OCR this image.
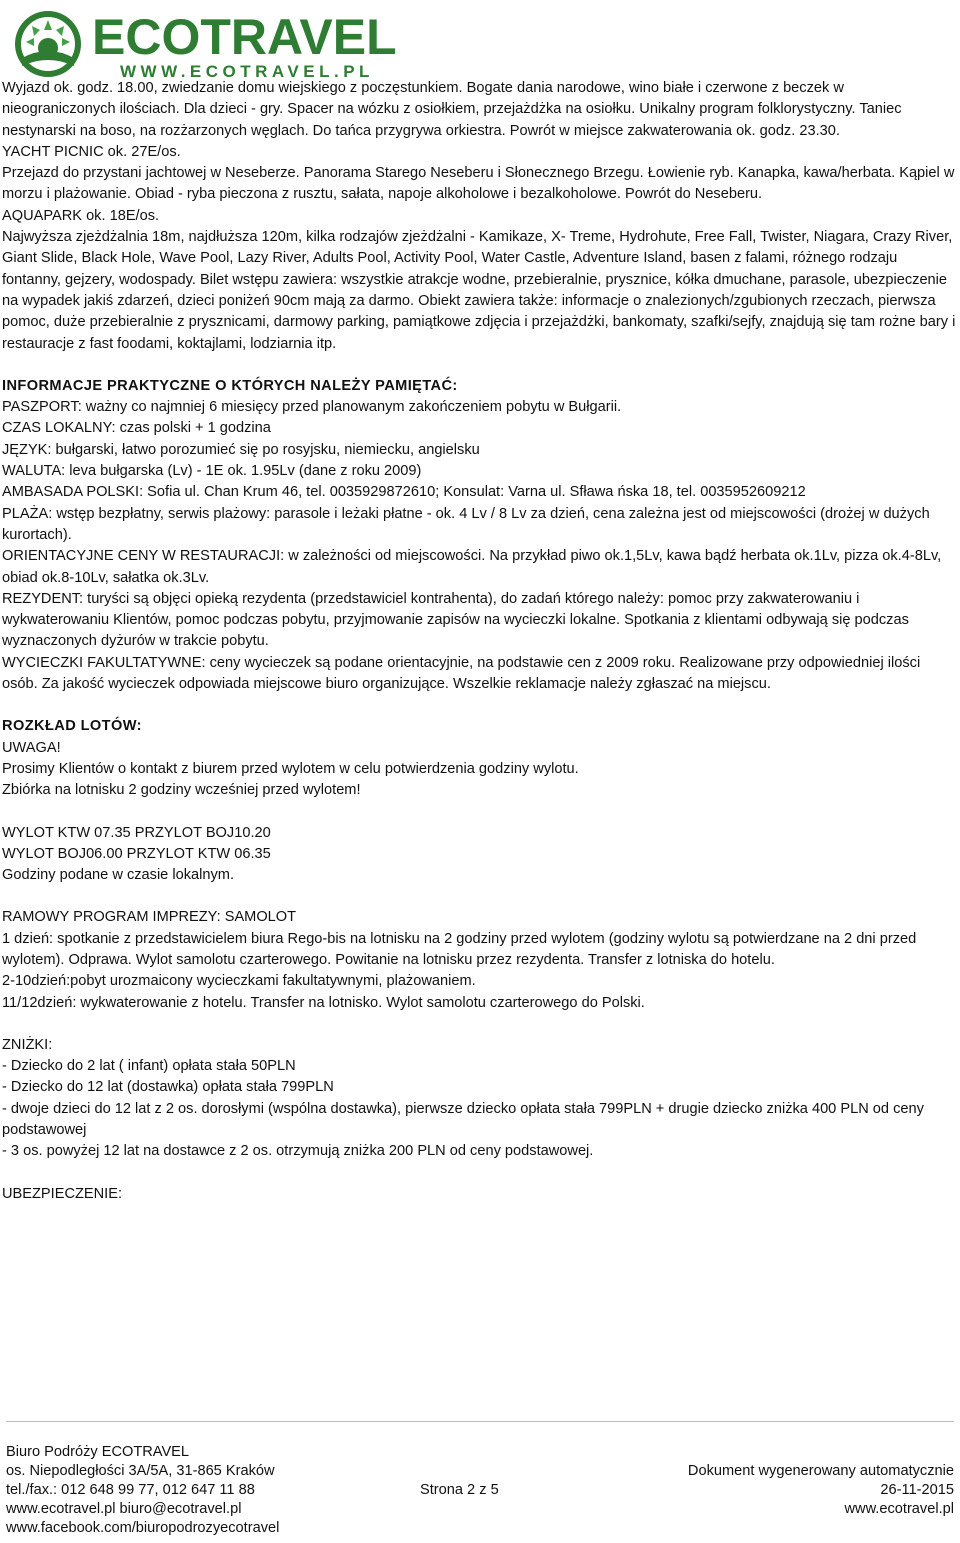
ECOTRAVEL
WWW.ECOTRAVEL.PL

Wyjazd ok. godz. 18.00, zwiedzanie domu wiejskiego z poczęstunkiem. Bogate dania narodowe, wino białe i czerwone z beczek w nieograniczonych ilościach. Dla dzieci - gry. Spacer na wózku z osiołkiem, przejażdżka na osiołku. Unikalny program folklorystyczny. Taniec nestynarski na boso, na rozżarzonych węglach. Do tańca przygrywa orkiestra. Powrót w miejsce zakwaterowania ok. godz. 23.30.

YACHT PICNIC ok. 27E/os.

Przejazd do przystani jachtowej w Neseberze. Panorama Starego Neseberu i Słonecznego Brzegu. Łowienie ryb. Kanapka, kawa/herbata. Kąpiel w morzu i plażowanie. Obiad - ryba pieczona z rusztu, sałata, napoje alkoholowe i bezalkoholowe. Powrót do Neseberu.

AQUAPARK ok. 18E/os.

Najwyższa zjeżdżalnia 18m, najdłuższa 120m, kilka rodzajów zjeżdżalni - Kamikaze, X- Treme, Hydrohute, Free Fall, Twister, Niagara, Crazy River, Giant Slide, Black Hole, Wave Pool, Lazy River, Adults Pool, Activity Pool, Water Castle, Adventure Island, basen z falami, różnego rodzaju fontanny, gejzery, wodospady. Bilet wstępu zawiera: wszystkie atrakcje wodne, przebieralnie, prysznice, kółka dmuchane, parasole, ubezpieczenie na wypadek jakiś zdarzeń, dzieci poniżeń 90cm mają za darmo. Obiekt zawiera także: informacje o znalezionych/zgubionych rzeczach, pierwsza pomoc, duże przebieralnie z prysznicami, darmowy parking, pamiątkowe zdjęcia i przejażdżki, bankomaty, szafki/sejfy, znajdują się tam rożne bary i restauracje z fast foodami, koktajlami, lodziarnia itp.

INFORMACJE PRAKTYCZNE O KTÓRYCH NALEŻY PAMIĘTAĆ:

PASZPORT: ważny co najmniej 6 miesięcy przed planowanym zakończeniem pobytu w Bułgarii.

CZAS LOKALNY: czas polski + 1 godzina

JĘZYK: bułgarski, łatwo porozumieć się po rosyjsku, niemiecku, angielsku

WALUTA: leva bułgarska (Lv) - 1E ok. 1.95Lv (dane z roku 2009)

AMBASADA POLSKI: Sofia ul. Chan Krum 46, tel. 0035929872610; Konsulat: Varna ul. Sfława ńska 18, tel. 0035952609212

PLAŻA: wstęp bezpłatny, serwis plażowy: parasole i leżaki płatne - ok. 4 Lv / 8 Lv za dzień, cena zależna jest od miejscowości (drożej w dużych kurortach).

ORIENTACYJNE CENY W RESTAURACJI: w zależności od miejscowości. Na przykład piwo ok.1,5Lv, kawa bądź herbata ok.1Lv, pizza ok.4-8Lv, obiad ok.8-10Lv, sałatka ok.3Lv.

REZYDENT: turyści są objęci opieką rezydenta (przedstawiciel kontrahenta), do zadań którego należy: pomoc przy zakwaterowaniu i wykwaterowaniu Klientów, pomoc podczas pobytu, przyjmowanie zapisów na wycieczki lokalne. Spotkania z klientami odbywają się podczas wyznaczonych dyżurów w trakcie pobytu.

WYCIECZKI FAKULTATYWNE: ceny wycieczek są podane orientacyjnie, na podstawie cen z 2009 roku. Realizowane przy odpowiedniej ilości osób. Za jakość wycieczek odpowiada miejscowe biuro organizujące. Wszelkie reklamacje należy zgłaszać na miejscu.

ROZKŁAD LOTÓW:

UWAGA!

Prosimy Klientów o kontakt z biurem przed wylotem w celu potwierdzenia godziny wylotu.

Zbiórka na lotnisku 2 godziny wcześniej przed wylotem!

WYLOT KTW 07.35 PRZYLOT BOJ10.20

WYLOT BOJ06.00 PRZYLOT KTW 06.35

Godziny podane w czasie lokalnym.

RAMOWY PROGRAM IMPREZY: SAMOLOT

1 dzień: spotkanie z przedstawicielem biura Rego-bis na lotnisku na 2 godziny przed wylotem (godziny wylotu są potwierdzane na 2 dni przed wylotem). Odprawa. Wylot samolotu czarterowego. Powitanie na lotnisku przez rezydenta. Transfer z lotniska do hotelu.

2-10dzień:pobyt urozmaicony wycieczkami fakultatywnymi, plażowaniem.

11/12dzień: wykwaterowanie z hotelu. Transfer na lotnisko. Wylot samolotu czarterowego do Polski.

ZNIŻKI:

- Dziecko do 2 lat ( infant) opłata stała 50PLN

- Dziecko do 12 lat (dostawka) opłata stała 799PLN

- dwoje dzieci do 12 lat z 2 os. dorosłymi (wspólna dostawka), pierwsze dziecko opłata stała 799PLN + drugie dziecko zniżka 400 PLN od ceny podstawowej

- 3 os. powyżej 12 lat na dostawce z 2 os. otrzymują zniżka 200 PLN od ceny podstawowej.

UBEZPIECZENIE:

Biuro Podróży ECOTRAVEL
os. Niepodległości 3A/5A, 31-865 Kraków
tel./fax.: 012 648 99 77, 012 647 11 88
www.ecotravel.pl biuro@ecotravel.pl
www.facebook.com/biuropodrozyecotravel
Strona 2 z 5
Dokument wygenerowany automatycznie
26-11-2015
www.ecotravel.pl
